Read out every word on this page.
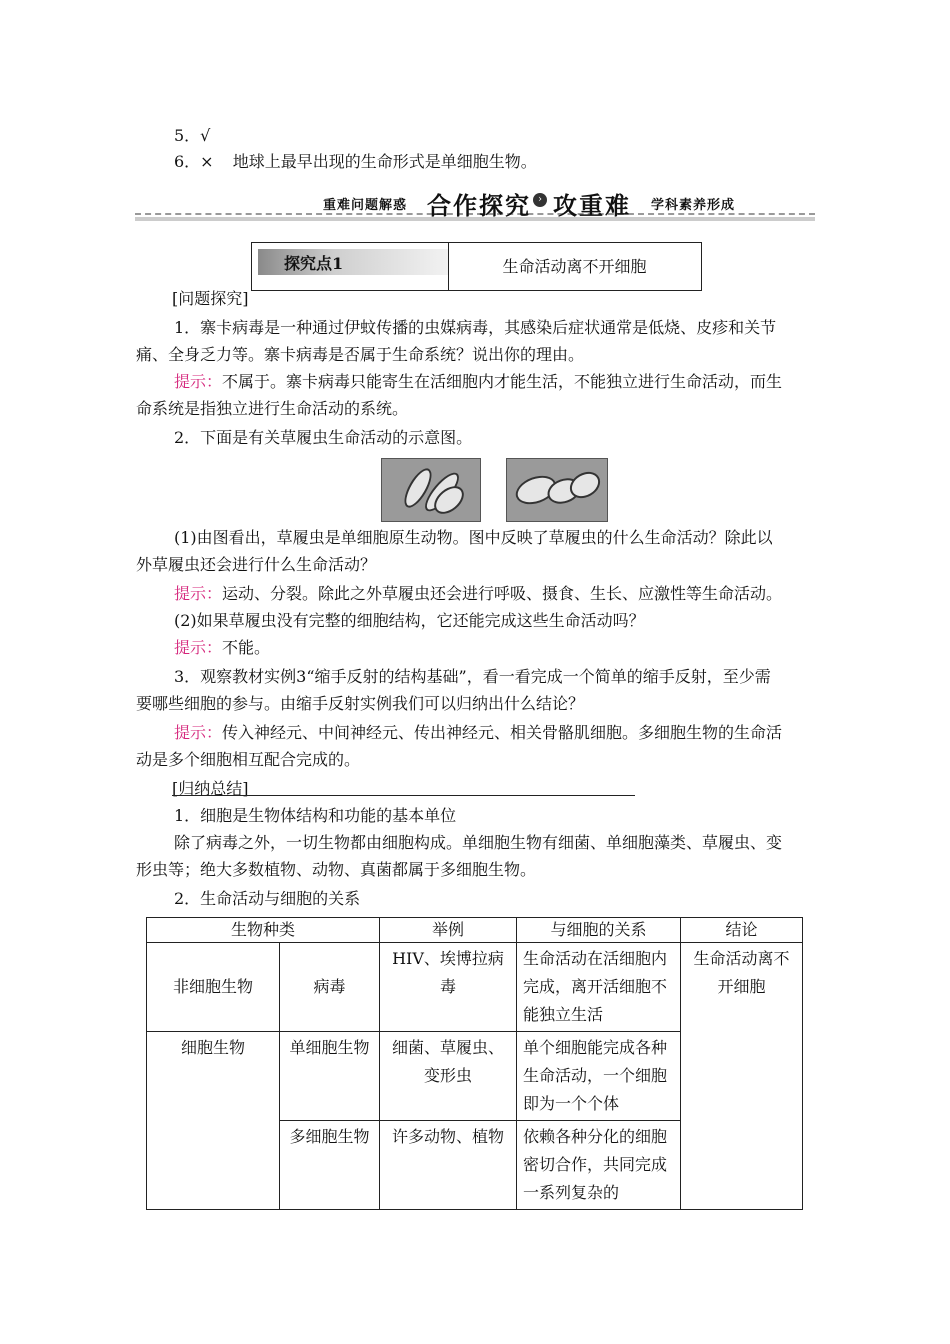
5．√
6．× 地球上最早出现的生命形式是单细胞生物。
重难问题解惑 合作探究 › 攻重难 学科素养形成
探究点1	生命活动离不开细胞
[问题探究]
1．寨卡病毒是一种通过伊蚊传播的虫媒病毒，其感染后症状通常是低烧、皮疹和关节
痛、全身乏力等。寨卡病毒是否属于生命系统？说出你的理由。
提示：不属于。寨卡病毒只能寄生在活细胞内才能生活，不能独立进行生命活动，而生
命系统是指独立进行生命活动的系统。
2．下面是有关草履虫生命活动的示意图。
(1)由图看出，草履虫是单细胞原生动物。图中反映了草履虫的什么生命活动？除此以
外草履虫还会进行什么生命活动？
提示：运动、分裂。除此之外草履虫还会进行呼吸、摄食、生长、应激性等生命活动。
(2)如果草履虫没有完整的细胞结构，它还能完成这些生命活动吗？
提示：不能。
3．观察教材实例3“缩手反射的结构基础”，看一看完成一个简单的缩手反射，至少需
要哪些细胞的参与。由缩手反射实例我们可以归纳出什么结论？
提示：传入神经元、中间神经元、传出神经元、相关骨骼肌细胞。多细胞生物的生命活
动是多个细胞相互配合完成的。
[归纳总结]
1．细胞是生物体结构和功能的基本单位
除了病毒之外，一切生物都由细胞构成。单细胞生物有细菌、单细胞藻类、草履虫、变
形虫等；绝大多数植物、动物、真菌都属于多细胞生物。
2．生命活动与细胞的关系
生物种类		举例	与细胞的关系	结论
非细胞生物	病毒	HIV、埃博拉病毒	生命活动在活细胞内完成，离开活细胞不能独立生活	生命活动离不开细胞
细胞生物	单细胞生物	细菌、草履虫、变形虫	单个细胞能完成各种生命活动，一个细胞即为一个个体	
	多细胞生物	许多动物、植物	依赖各种分化的细胞密切合作，共同完成一系列复杂的	
